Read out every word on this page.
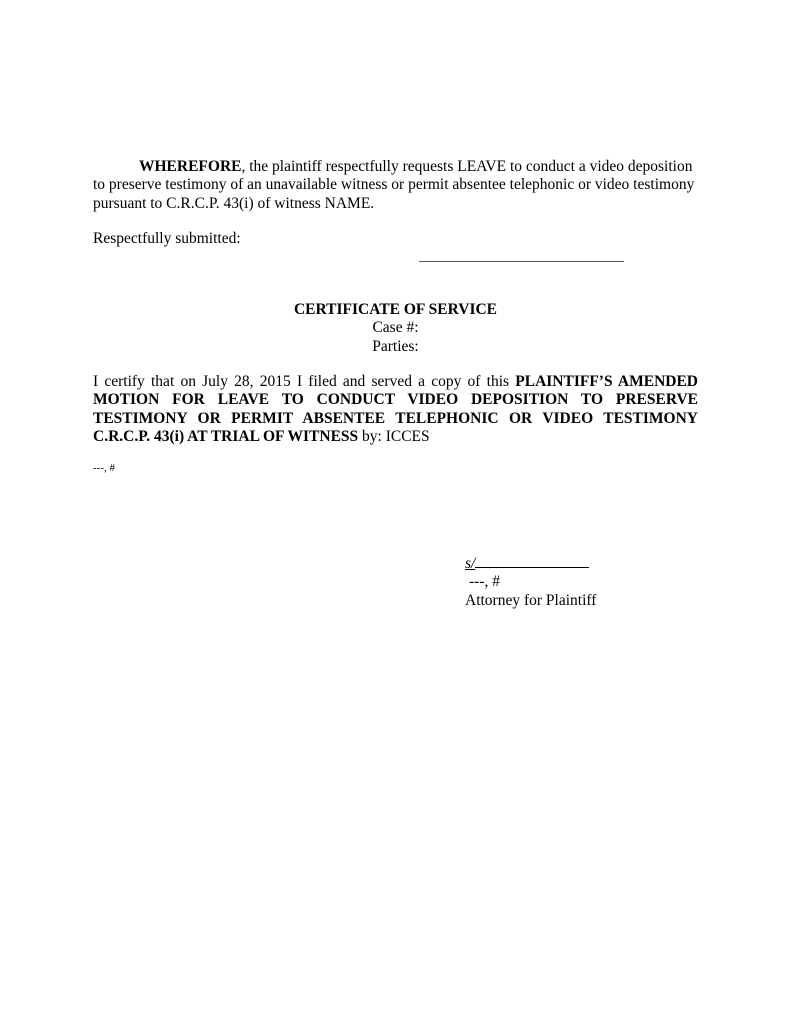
WHEREFORE, the plaintiff respectfully requests LEAVE to conduct a video deposition to preserve testimony of an unavailable witness or permit absentee telephonic or video testimony pursuant to C.R.C.P. 43(i) of witness NAME.
Respectfully submitted:
CERTIFICATE OF SERVICE
Case #:
Parties:
I certify that on July 28, 2015 I filed and served a copy of this PLAINTIFF’S AMENDED MOTION FOR LEAVE TO CONDUCT VIDEO DEPOSITION TO PRESERVE TESTIMONY OR PERMIT ABSENTEE TELEPHONIC OR VIDEO TESTIMONY C.R.C.P. 43(i) AT TRIAL OF WITNESS by: ICCES
---, #
s/
---, #
Attorney for Plaintiff
